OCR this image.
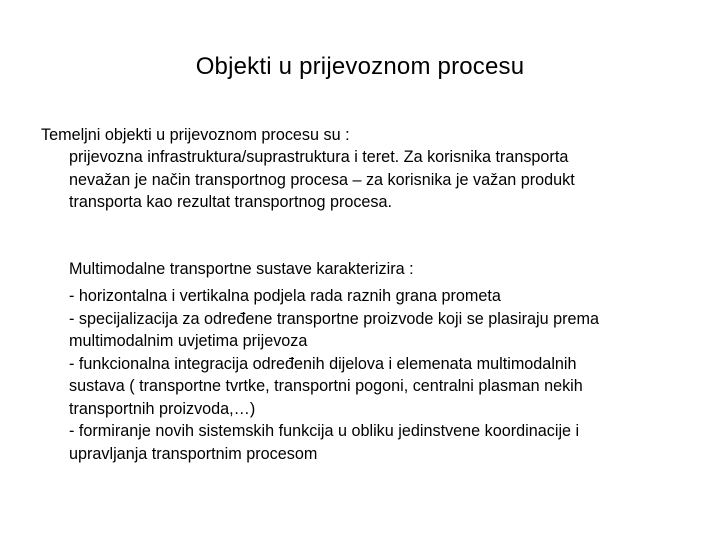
Objekti u prijevoznom procesu
Temeljni objekti u prijevoznom procesu su :
prijevozna infrastruktura/suprastruktura i teret. Za korisnika transporta
nevažan je način transportnog procesa – za korisnika je važan produkt
transporta kao rezultat transportnog procesa.
Multimodalne transportne sustave karakterizira :
- horizontalna i vertikalna podjela rada raznih grana prometa
- specijalizacija za određene transportne proizvode koji se plasiraju prema
multimodalnim uvjetima prijevoza
- funkcionalna integracija određenih dijelova i elemenata multimodalnih
sustava ( transportne tvrtke, transportni pogoni, centralni plasman nekih
transportnih proizvoda,…)
- formiranje novih sistemskih funkcija u obliku jedinstvene koordinacije i
upravljanja transportnim procesom
